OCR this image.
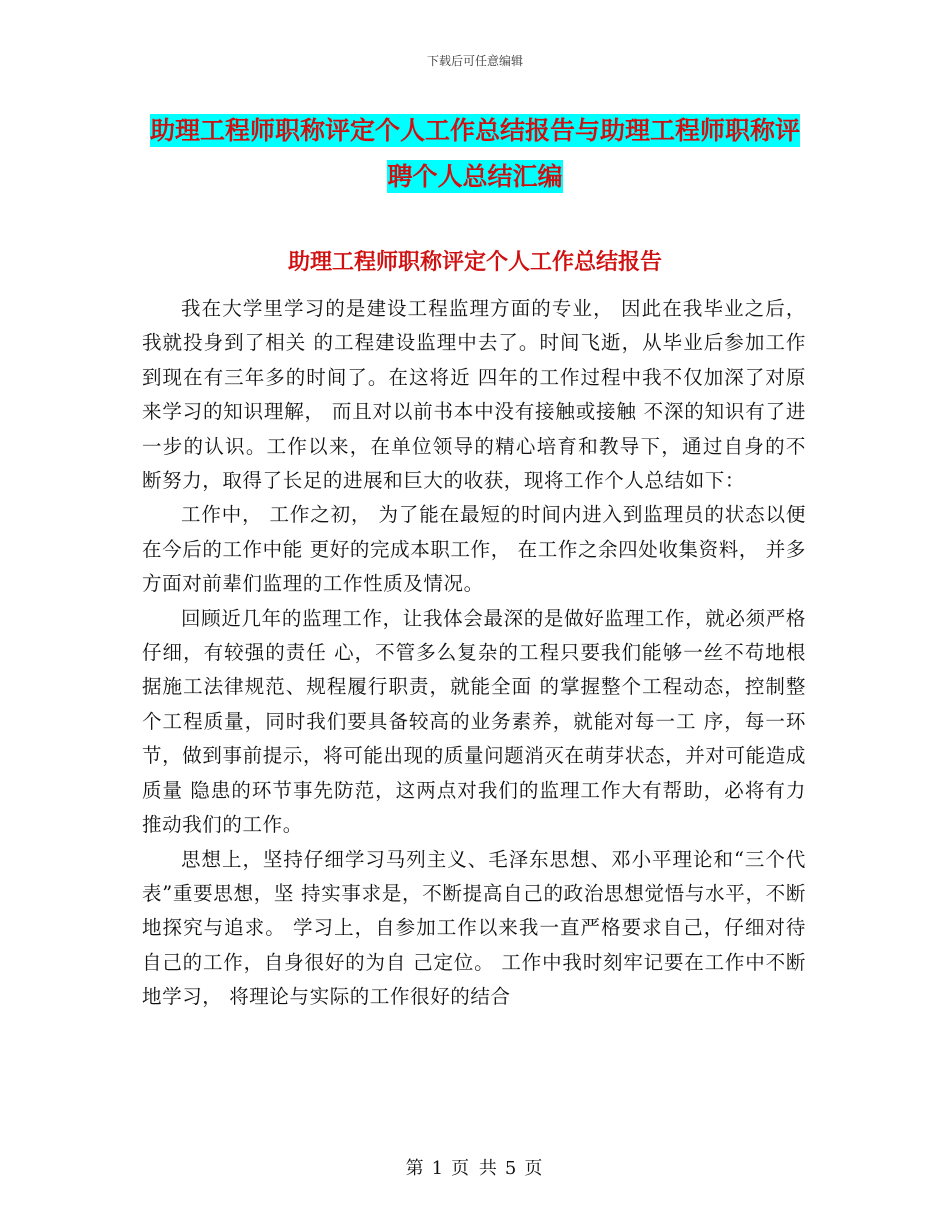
下载后可任意编辑
助理工程师职称评定个人工作总结报告与助理工程师职称评聘个人总结汇编
助理工程师职称评定个人工作总结报告

我在大学里学习的是建设工程监理方面的专业， 因此在我毕业之后， 我就投身到了相关 的工程建设监理中去了。时间飞逝，从毕业后参加工作到现在有三年多的时间了。在这将近 四年的工作过程中我不仅加深了对原来学习的知识理解， 而且对以前书本中没有接触或接触 不深的知识有了进一步的认识。工作以来，在单位领导的精心培育和教导下，通过自身的不 断努力，取得了长足的进展和巨大的收获，现将工作个人总结如下：

工作中， 工作之初， 为了能在最短的时间内进入到监理员的状态以便在今后的工作中能 更好的完成本职工作， 在工作之余四处收集资料， 并多方面对前辈们监理的工作性质及情况。

回顾近几年的监理工作，让我体会最深的是做好监理工作，就必须严格仔细，有较强的责任 心，不管多么复杂的工程只要我们能够一丝不苟地根据施工法律规范、规程履行职责，就能全面 的掌握整个工程动态，控制整个工程质量，同时我们要具备较高的业务素养，就能对每一工 序，每一环节，做到事前提示，将可能出现的质量问题消灭在萌芽状态，并对可能造成质量 隐患的环节事先防范，这两点对我们的监理工作大有帮助，必将有力推动我们的工作。

思想上，坚持仔细学习马列主义、毛泽东思想、邓小平理论和“三个代表”重要思想，坚 持实事求是，不断提高自己的政治思想觉悟与水平，不断地探究与追求。 学习上，自参加工作以来我一直严格要求自己，仔细对待自己的工作，自身很好的为自 己定位。 工作中我时刻牢记要在工作中不断地学习， 将理论与实际的工作很好的结合

第 1 页 共 5 页
